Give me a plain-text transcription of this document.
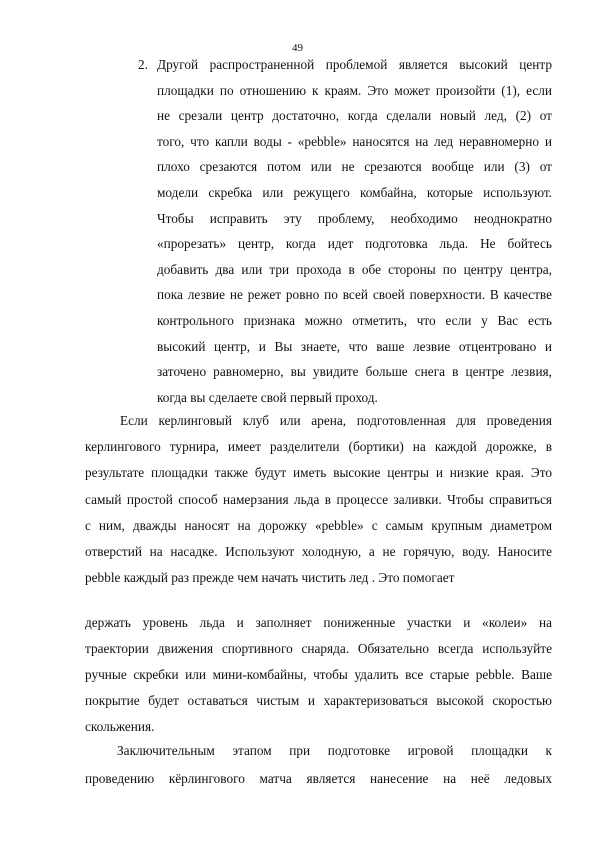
49
2. Другой распространенной проблемой является высокий центр
площадки по отношению к краям. Это может произойти (1), если
не срезали центр достаточно, когда сделали новый лед, (2) от
того, что капли воды - «pebble» наносятся на лед неравномерно и
плохо срезаются потом или не срезаются вообще или (3) от
модели скребка или режущего комбайна, которые используют.
Чтобы исправить эту проблему, необходимо неоднократно
«прорезать» центр, когда идет подготовка льда. Не бойтесь
добавить два или три прохода в обе стороны по центру центра,
пока лезвие не режет ровно по всей своей поверхности. В качестве
контрольного признака можно отметить, что если у Вас есть
высокий центр, и Вы знаете, что ваше лезвие отцентровано и
заточено равномерно, вы увидите больше снега в центре лезвия,
когда вы сделаете свой первый проход.
Если керлинговый клуб или арена, подготовленная для проведения
керлингового турнира, имеет разделители (бортики) на каждой дорожке, в
результате площадки также будут иметь высокие центры и низкие края. Это
самый простой способ намерзания льда в процессе заливки. Чтобы справиться
с ним, дважды наносят на дорожку «pebble» с самым крупным диаметром
отверстий на насадке. Используют холодную, а не горячую, воду. Наносите
pebble каждый раз прежде чем начать чистить лед . Это помогает
держать уровень льда и заполняет пониженные участки и «колеи» на
траектории движения спортивного снаряда. Обязательно всегда используйте
ручные скребки или мини-комбайны, чтобы удалить все старые pebble. Ваше
покрытие будет оставаться чистым и характеризоваться высокой скоростью
скольжения.
Заключительным этапом при подготовке игровой площадки к
проведению кёрлингового матча является нанесение на неё ледовых
